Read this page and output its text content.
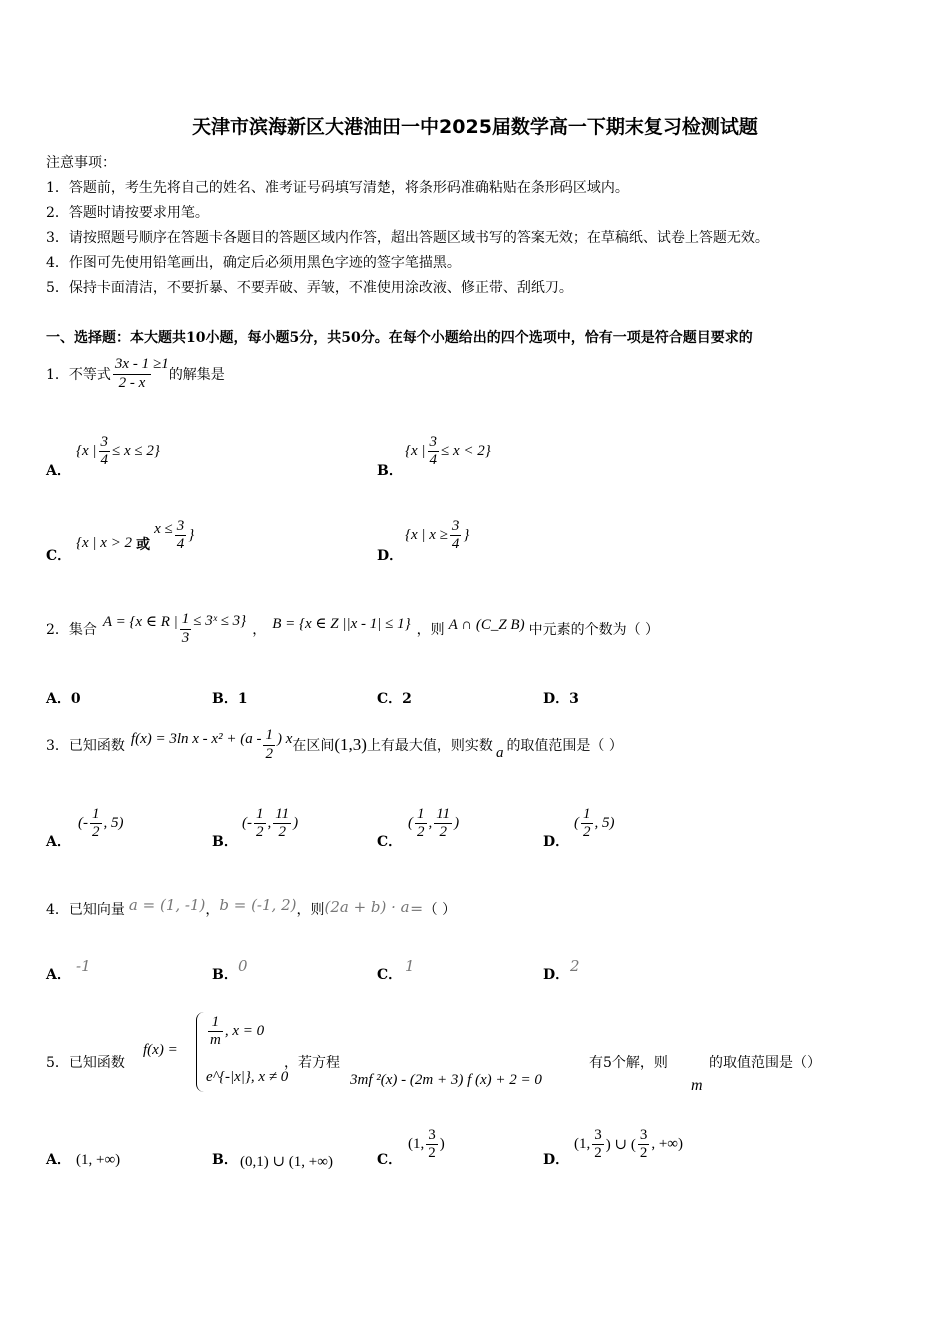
天津市滨海新区大港油田一中2025届数学高一下期末复习检测试题
注意事项：
1．答题前，考生先将自己的姓名、准考证号码填写清楚，将条形码准确粘贴在条形码区域内。
2．答题时请按要求用笔。
3．请按照题号顺序在答题卡各题目的答题区域内作答，超出答题区域书写的答案无效；在草稿纸、试卷上答题无效。
4．作图可先使用铅笔画出，确定后必须用黑色字迹的签字笔描黑。
5．保持卡面清洁，不要折暴、不要弄破、弄皱，不准使用涂改液、修正带、刮纸刀。
一、选择题：本大题共10小题，每小题5分，共50分。在每个小题给出的四个选项中，恰有一项是符合题目要求的
1． 不等式 $\frac{3x - 1}{2 - x} \ge 1$
的解集是
A．
{x | $\frac{3}{4} \le x \le 2$}
B．
{x | $\frac{3}{4} \le x < 2$}
C．
{x | x > 2 或
$x \le \frac{3}{4}$ }
D．
{x | $x \ge \frac{3}{4}$ }
2． 集合
A = {x ∈ R | $\frac{1}{3}$ ≤ 3ˣ ≤ 3}
， B = {x ∈ Z ||x - 1| ≤ 1} ，则 A ∩ (C_Z B) 中元素的个数为（ ）
A．0	B．1	C．2	D．3
3． 已知函数 f(x) = 3ln $x - x^2 + (a - \frac{1}{2}$ ) x 在区间 (1,3) 上有最大值，则实数 a 的取值范围是（ ）
A．
(- $\frac{1}{2}$ , 5)
B．
(- $\frac{1}{2}$ , $\frac{11}{2}$ )
C．
( $\frac{1}{2}$ , $\frac{11}{2}$ )
D．
( $\frac{1}{2}$ , 5)
4． 已知向量 a = (1, -1) ， b = (-1, 2) ，则 (2a + b) · a ＝（ ）
A． -1	B． 0	C． 1	D． 2
5．已知函数
f(x) =
$\frac{1}{m}$ , x = 0
e^{-|x|}, x ≠ 0
，若方程
3mf ²(x) - (2m + 3) f (x) + 2 = 0
有5个解，则
m
的取值范围是（）
A． (1, +∞)	B． (0,1) ∪ (1, +∞)	C．
(1, $\frac{3}{2}$ )
D．
(1, $\frac{3}{2}$ ) ∪ ( $\frac{3}{2}$ , +∞)
